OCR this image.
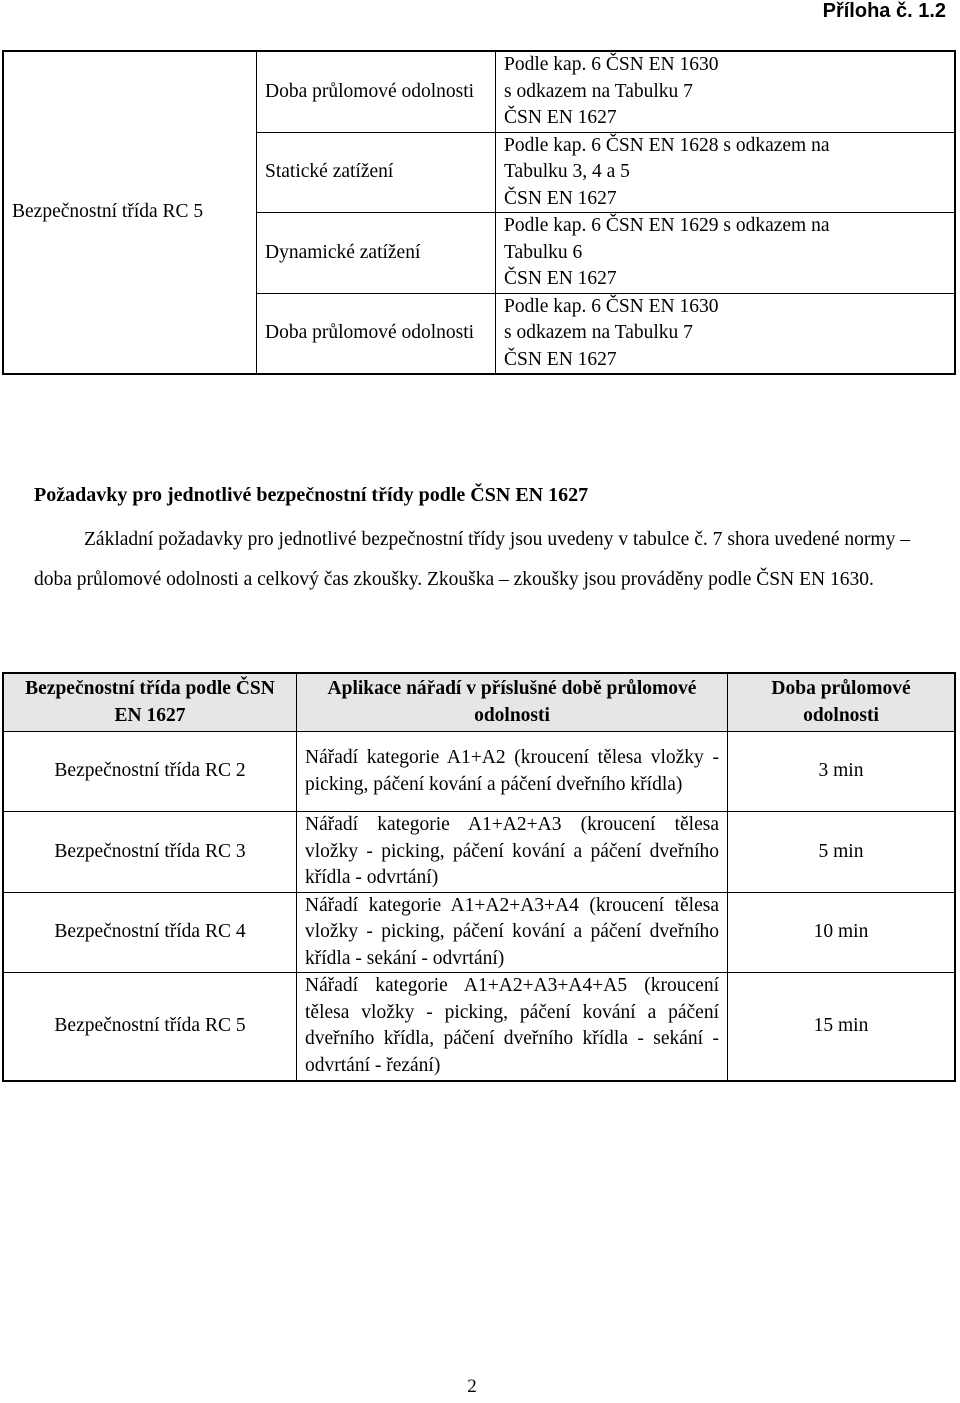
Příloha č. 1.2
Bezpečnostní třída RC 5	Doba průlomové odolnosti	Podle kap. 6 ČSN EN 1630
s odkazem na Tabulku 7
ČSN EN 1627

	Statické zatížení	Podle kap. 6 ČSN EN 1628 s odkazem na
Tabulku 3, 4 a 5
ČSN EN 1627

	Dynamické zatížení	Podle kap. 6 ČSN EN 1629 s odkazem na
Tabulku 6
ČSN EN 1627

	Doba průlomové odolnosti	Podle kap. 6 ČSN EN 1630
s odkazem na Tabulku 7
ČSN EN 1627
Požadavky pro jednotlivé bezpečnostní třídy podle ČSN EN 1627
Základní požadavky pro jednotlivé bezpečnostní třídy jsou uvedeny v tabulce č. 7 shora uvedené normy – doba průlomové odolnosti a celkový čas zkoušky. Zkouška – zkoušky jsou prováděny podle ČSN EN 1630.
Bezpečnostní třída podle ČSN EN 1627	Aplikace nářadí v příslušné době průlomové odolnosti	Doba průlomové odolnosti
Bezpečnostní třída RC 2	Nářadí kategorie A1+A2 (kroucení tělesa vložky - picking, páčení kování a páčení dveřního křídla)	3 min
Bezpečnostní třída RC 3	Nářadí kategorie A1+A2+A3 (kroucení tělesa vložky - picking, páčení kování a páčení dveřního křídla - odvrtání)	5 min
Bezpečnostní třída RC 4	Nářadí kategorie A1+A2+A3+A4 (kroucení tělesa vložky - picking, páčení kování a páčení dveřního křídla - sekání - odvrtání)	10 min
Bezpečnostní třída RC 5	Nářadí kategorie A1+A2+A3+A4+A5 (kroucení tělesa vložky - picking, páčení kování a páčení dveřního křídla, páčení dveřního křídla - sekání - odvrtání - řezání)	15 min
2
